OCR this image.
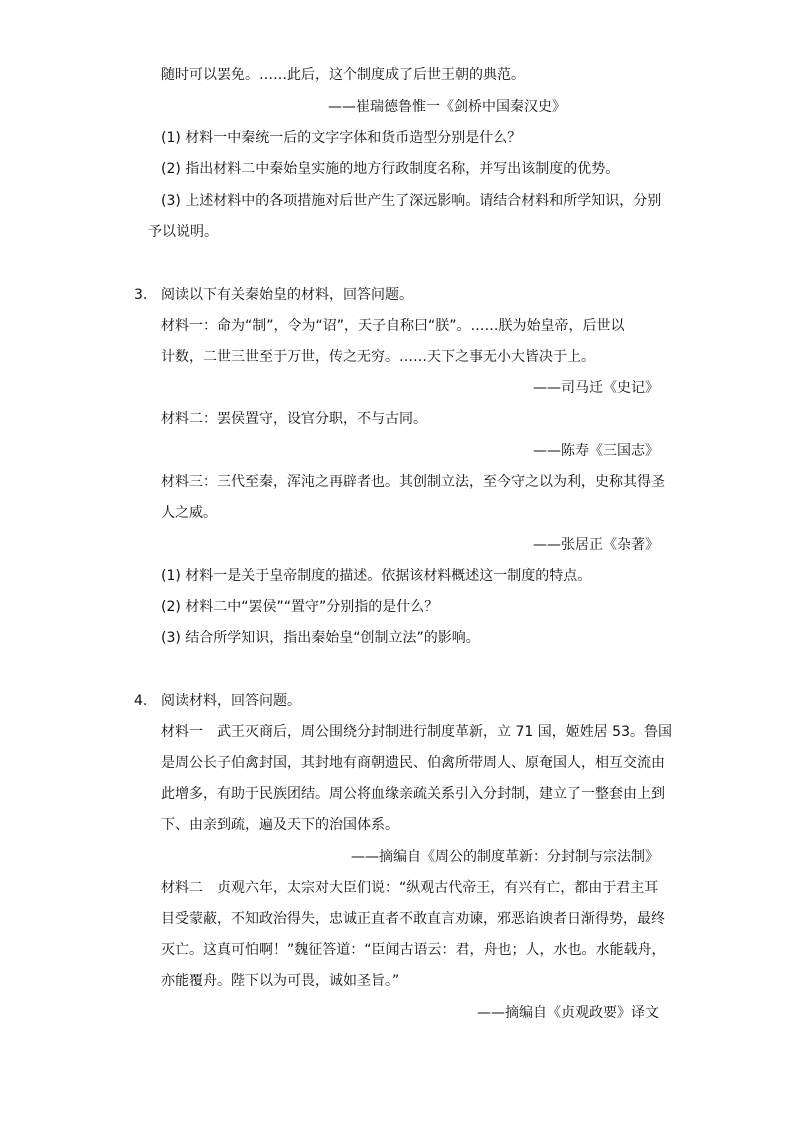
随时可以罢免。……此后，这个制度成了后世王朝的典范。
——崔瑞德鲁惟一《剑桥中国秦汉史》
(1) 材料一中秦统一后的文字字体和货币造型分别是什么？
(2) 指出材料二中秦始皇实施的地方行政制度名称，并写出该制度的优势。
(3) 上述材料中的各项措施对后世产生了深远影响。请结合材料和所学知识，分别
予以说明。
3. 阅读以下有关秦始皇的材料，回答问题。
材料一：命为“制”，令为“诏”，天子自称曰“朕”。……朕为始皇帝，后世以
计数，二世三世至于万世，传之无穷。……天下之事无小大皆决于上。
——司马迁《史记》
材料二：罢侯置守，设官分职，不与古同。
——陈寿《三国志》
材料三：三代至秦，浑沌之再辟者也。其创制立法，至今守之以为利，史称其得圣
人之威。
——张居正《杂著》
(1) 材料一是关于皇帝制度的描述。依据该材料概述这一制度的特点。
(2) 材料二中“罢侯”“置守”分别指的是什么？
(3) 结合所学知识，指出秦始皇“创制立法”的影响。
4. 阅读材料，回答问题。
材料一　武王灭商后，周公围绕分封制进行制度革新，立 71 国，姬姓居 53。鲁国
是周公长子伯禽封国，其封地有商朝遗民、伯禽所带周人、原奄国人，相互交流由
此增多，有助于民族团结。周公将血缘亲疏关系引入分封制，建立了一整套由上到
下、由亲到疏，遍及天下的治国体系。
——摘编自《周公的制度革新：分封制与宗法制》
材料二　贞观六年，太宗对大臣们说：“纵观古代帝王，有兴有亡，都由于君主耳
目受蒙蔽，不知政治得失，忠诚正直者不敢直言劝谏，邪恶谄谀者日渐得势，最终
灭亡。这真可怕啊！”魏征答道：“臣闻古语云：君，舟也；人，水也。水能载舟，
亦能覆舟。陛下以为可畏，诚如圣旨。”
——摘编自《贞观政要》译文
